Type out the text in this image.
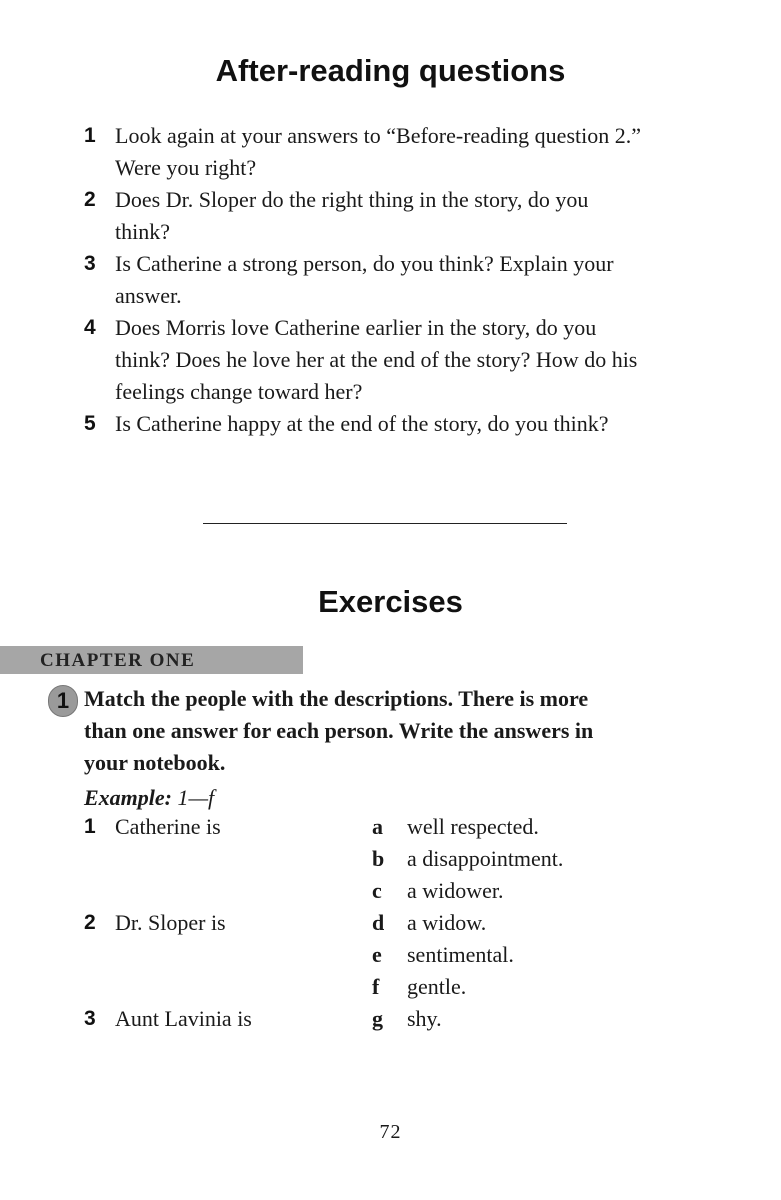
After-reading questions
1 Look again at your answers to “Before-reading question 2.”
Were you right?
2 Does Dr. Sloper do the right thing in the story, do you
think?
3 Is Catherine a strong person, do you think? Explain your
answer.
4 Does Morris love Catherine earlier in the story, do you
think? Does he love her at the end of the story? How do his
feelings change toward her?
5 Is Catherine happy at the end of the story, do you think?
Exercises
CHAPTER ONE
1 Match the people with the descriptions. There is more
than one answer for each person. Write the answers in
your notebook.
Example: 1—f
1 Catherine is
2 Dr. Sloper is
3 Aunt Lavinia is
a well respected.
b a disappointment.
c a widower.
d a widow.
e sentimental.
f gentle.
g shy.
72
